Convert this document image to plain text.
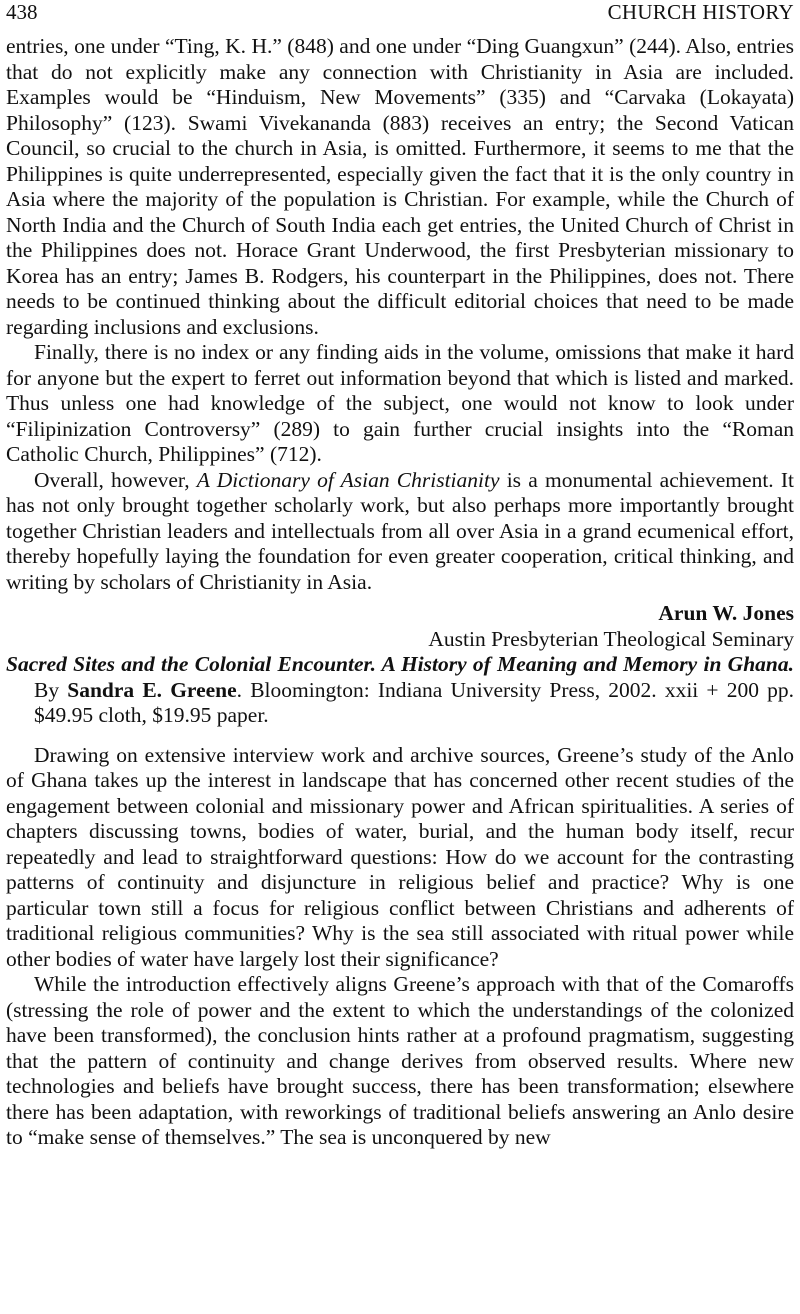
438	CHURCH HISTORY

entries, one under “Ting, K. H.” (848) and one under “Ding Guangxun” (244). Also, entries that do not explicitly make any connection with Christianity in Asia are included. Examples would be “Hinduism, New Movements” (335) and “Carvaka (Lokayata) Philosophy” (123). Swami Vivekananda (883) receives an entry; the Second Vatican Council, so crucial to the church in Asia, is omitted. Furthermore, it seems to me that the Philippines is quite underrepresented, especially given the fact that it is the only country in Asia where the majority of the population is Christian. For example, while the Church of North India and the Church of South India each get entries, the United Church of Christ in the Philippines does not. Horace Grant Underwood, the first Presbyterian missionary to Korea has an entry; James B. Rodgers, his counterpart in the Philippines, does not. There needs to be continued thinking about the difficult editorial choices that need to be made regarding inclusions and exclusions.

Finally, there is no index or any finding aids in the volume, omissions that make it hard for anyone but the expert to ferret out information beyond that which is listed and marked. Thus unless one had knowledge of the subject, one would not know to look under “Filipinization Controversy” (289) to gain further crucial insights into the “Roman Catholic Church, Philippines” (712).

Overall, however, A Dictionary of Asian Christianity is a monumental achievement. It has not only brought together scholarly work, but also perhaps more importantly brought together Christian leaders and intellectuals from all over Asia in a grand ecumenical effort, thereby hopefully laying the foundation for even greater cooperation, critical thinking, and writing by scholars of Christianity in Asia.

Arun W. Jones
Austin Presbyterian Theological Seminary

Sacred Sites and the Colonial Encounter. A History of Meaning and Memory in Ghana. By Sandra E. Greene. Bloomington: Indiana University Press, 2002. xxii + 200 pp. $49.95 cloth, $19.95 paper.

Drawing on extensive interview work and archive sources, Greene’s study of the Anlo of Ghana takes up the interest in landscape that has concerned other recent studies of the engagement between colonial and missionary power and African spiritualities. A series of chapters discussing towns, bodies of water, burial, and the human body itself, recur repeatedly and lead to straightforward questions: How do we account for the contrasting patterns of continuity and disjuncture in religious belief and practice? Why is one particular town still a focus for religious conflict between Christians and adherents of traditional religious communities? Why is the sea still associated with ritual power while other bodies of water have largely lost their significance?

While the introduction effectively aligns Greene’s approach with that of the Comaroffs (stressing the role of power and the extent to which the understandings of the colonized have been transformed), the conclusion hints rather at a profound pragmatism, suggesting that the pattern of continuity and change derives from observed results. Where new technologies and beliefs have brought success, there has been transformation; elsewhere there has been adaptation, with reworkings of traditional beliefs answering an Anlo desire to “make sense of themselves.” The sea is unconquered by new
